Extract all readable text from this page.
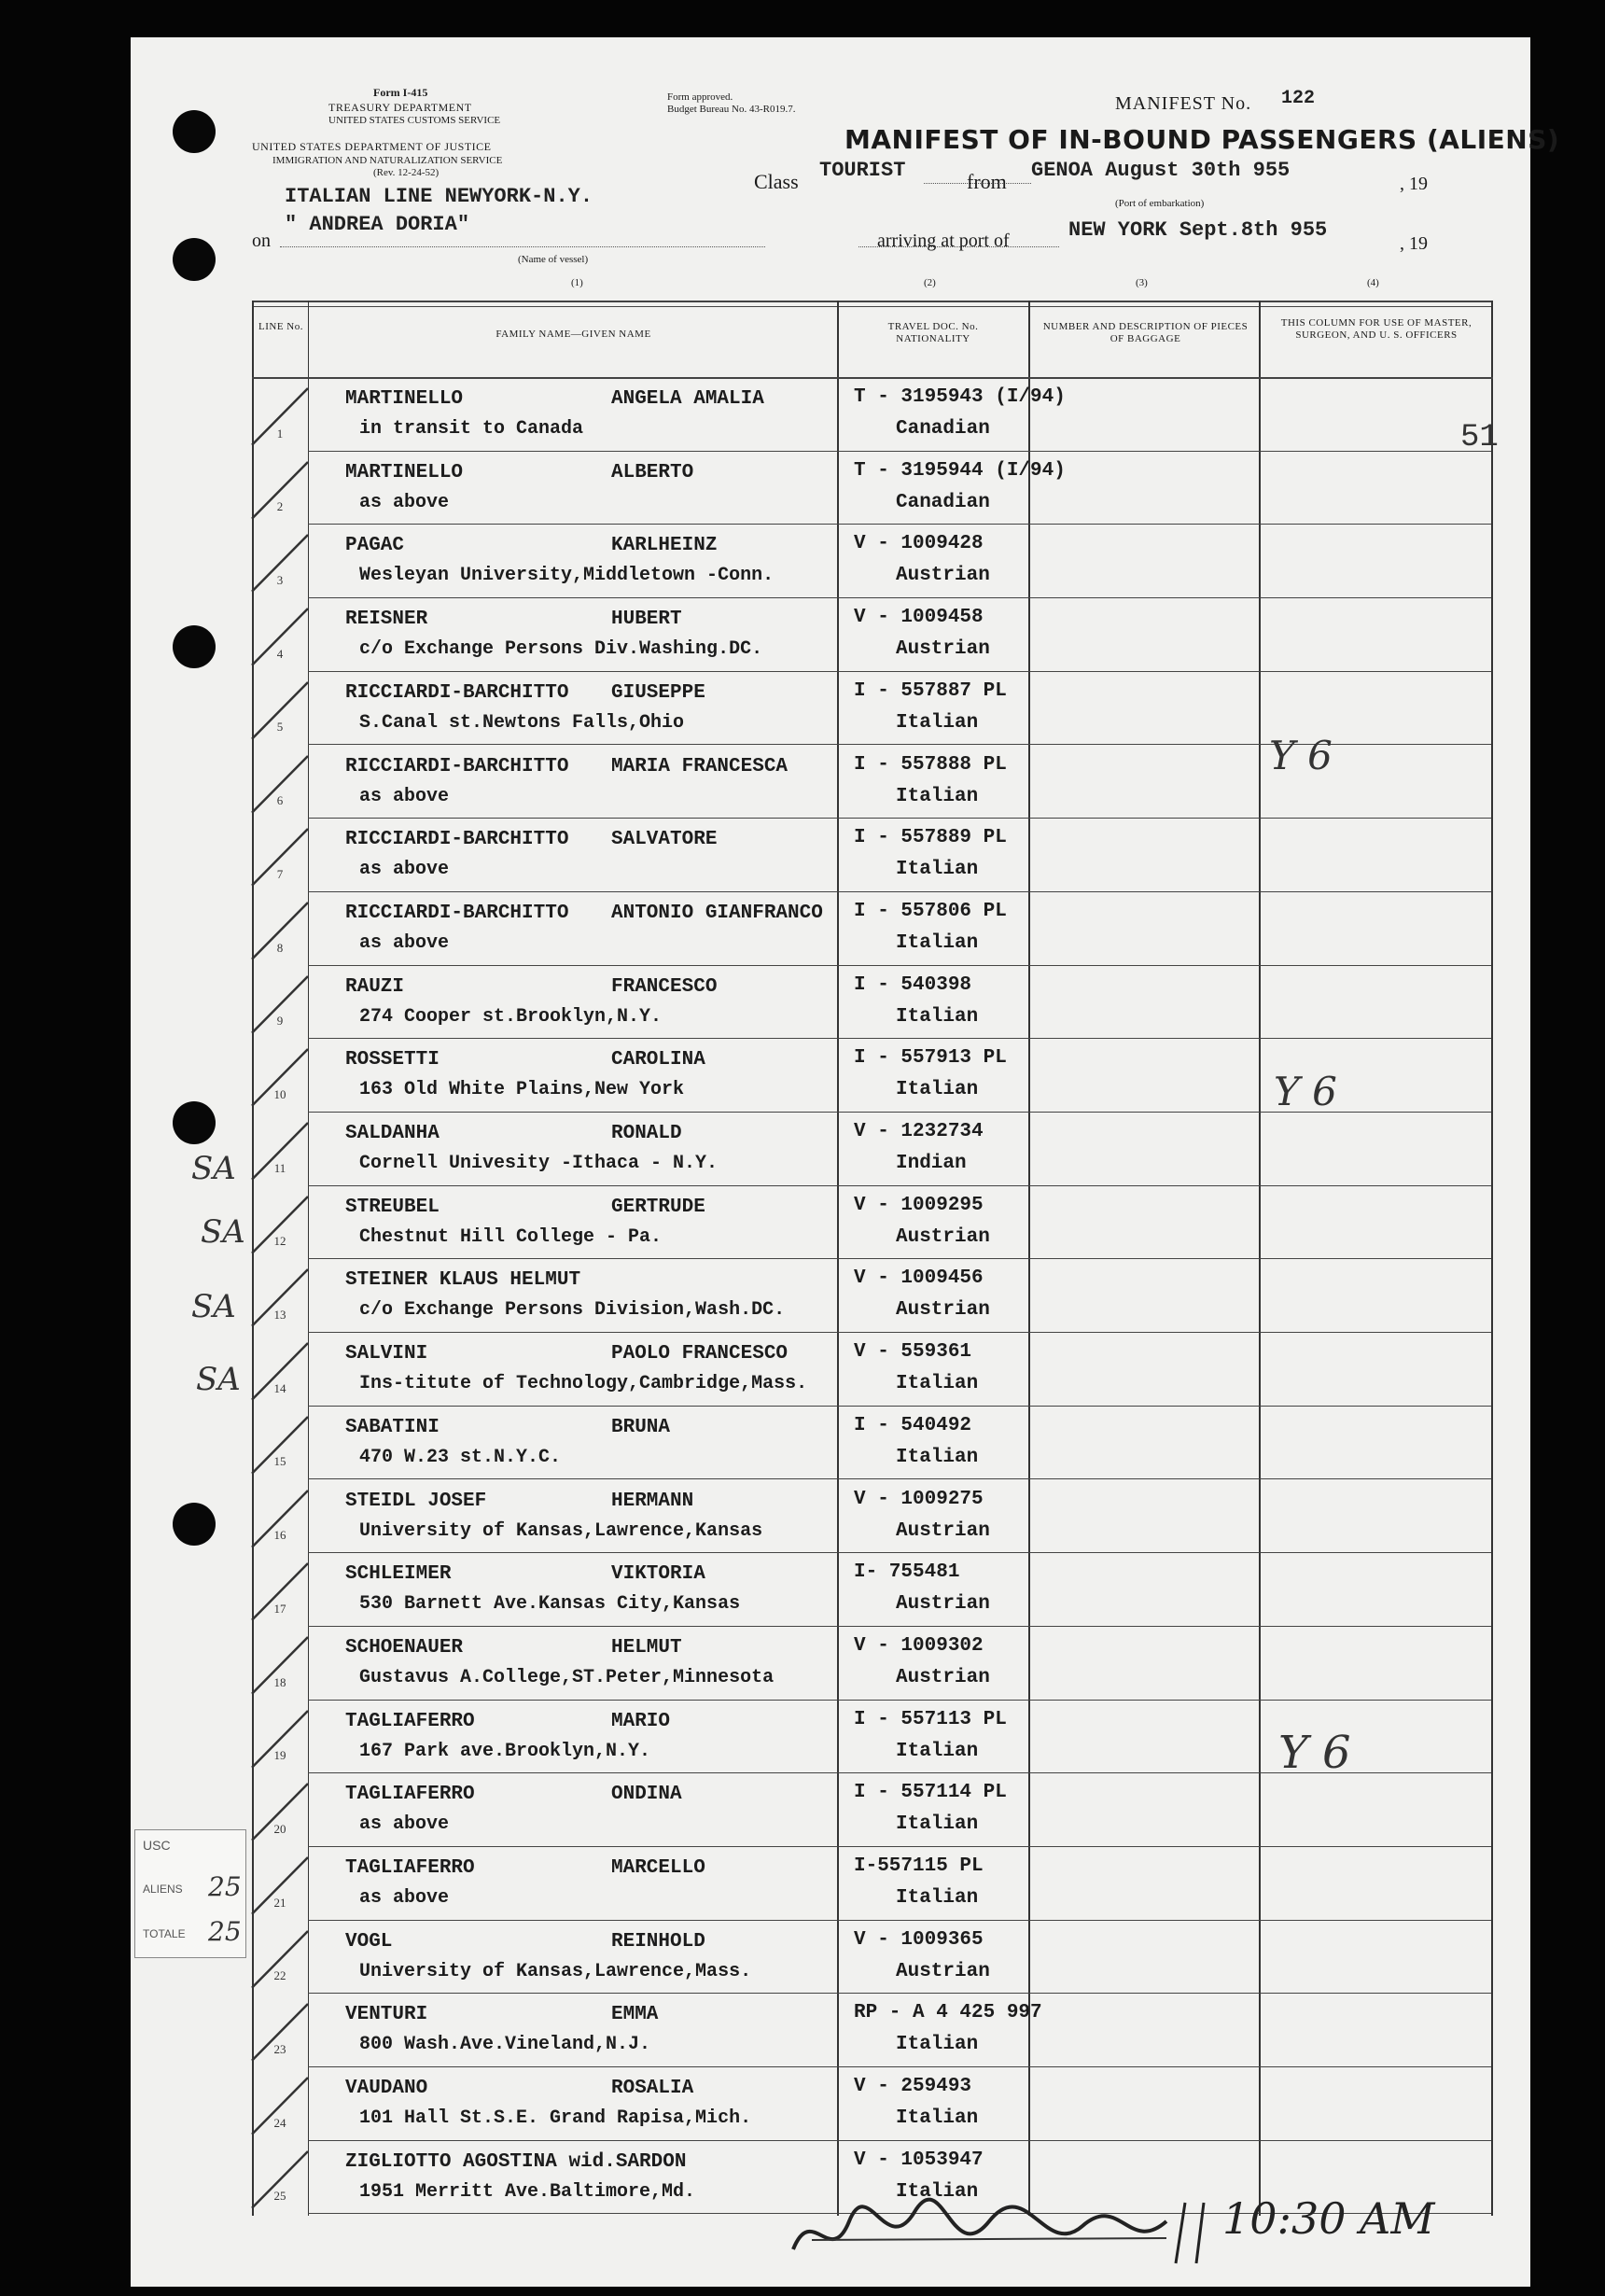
Form I-415
TREASURY DEPARTMENT
UNITED STATES CUSTOMS SERVICE
UNITED STATES DEPARTMENT OF JUSTICE
IMMIGRATION AND NATURALIZATION SERVICE
(Rev. 12-24-52)
Form approved.
Budget Bureau No. 43-R019.7.	MANIFEST No. 122
MANIFEST OF IN-BOUND PASSENGERS (ALIENS)
ITALIAN LINE NEWYORK-N.Y.
Class TOURIST	from GENOA August 30th 955
, 19
(Port of embarkation)
on
" ANDREA DORIA"
(Name of vessel)
arriving at port of	NEW YORK Sept.8th 955
, 19
(1)	(2)	(3)	(4)
LINE No.
FAMILY NAME—GIVEN NAME
TRAVEL DOC. No. NATIONALITY
NUMBER AND DESCRIPTION OF PIECES OF BAGGAGE
THIS COLUMN FOR USE OF MASTER, SURGEON, AND U. S. OFFICERS
1
MARTINELLO	ANGELA AMALIA
in transit to Canada
T - 3195943 (I/94)
Canadian
2
MARTINELLO	ALBERTO
as above
T - 3195944 (I/94)
Canadian
3
PAGAC	KARLHEINZ
Wesleyan University,Middletown -Conn.
V - 1009428
Austrian
4
REISNER	HUBERT
c/o Exchange Persons Div.Washing.DC.
V - 1009458
Austrian
5
RICCIARDI-BARCHITTO GIUSEPPE
S.Canal st.Newtons Falls,Ohio
I - 557887 PL
Italian
6
RICCIARDI-BARCHITTO MARIA FRANCESCA
as above
I - 557888 PL
Italian
7
RICCIARDI-BARCHITTO SALVATORE
as above
I - 557889 PL
Italian
8
RICCIARDI-BARCHITTO ANTONIO GIANFRANCO
as above
I - 557806 PL
Italian
9
RAUZI	FRANCESCO
274 Cooper st.Brooklyn,N.Y.
I - 540398
Italian
10
ROSSETTI	CAROLINA
163 Old White Plains,New York
I - 557913 PL
Italian
11
SALDANHA	RONALD
Cornell Univesity -Ithaca - N.Y.
V - 1232734
Indian
12
STREUBEL	GERTRUDE
Chestnut Hill College - Pa.
V - 1009295
Austrian
13
STEINER KLAUS HELMUT
c/o Exchange Persons Division,Wash.DC.
V - 1009456
Austrian
14
SALVINI	PAOLO FRANCESCO
Ins-titute of Technology,Cambridge,Mass.
V - 559361
Italian
15
SABATINI	BRUNA
470 W.23 st.N.Y.C.
I - 540492
Italian
16
STEIDL JOSEF	HERMANN
University of Kansas,Lawrence,Kansas
V - 1009275
Austrian
17
SCHLEIMER	VIKTORIA
530 Barnett Ave.Kansas City,Kansas
I- 755481
Austrian
18
SCHOENAUER	HELMUT
Gustavus A.College,ST.Peter,Minnesota
V - 1009302
Austrian
19
TAGLIAFERRO	MARIO
167 Park ave.Brooklyn,N.Y.
I - 557113 PL
Italian
20
TAGLIAFERRO	ONDINA
as above
I - 557114 PL
Italian
21
TAGLIAFERRO	MARCELLO
as above
I-557115 PL
Italian
22
VOGL	REINHOLD
University of Kansas,Lawrence,Mass.
V - 1009365
Austrian
23
VENTURI	EMMA
800 Wash.Ave.Vineland,N.J.
RP - A 4 425 997
Italian
24
VAUDANO	ROSALIA
101 Hall St.S.E. Grand Rapisa,Mich.
V - 259493
Italian
25
ZIGLIOTTO AGOSTINA wid.SARDON
1951 Merritt Ave.Baltimore,Md.
V - 1053947
Italian
51
Y 6
Y 6
Y 6
SA
SA
SA
SA
USC
ALIENS 25
TOTALE 25
10:30 AM
